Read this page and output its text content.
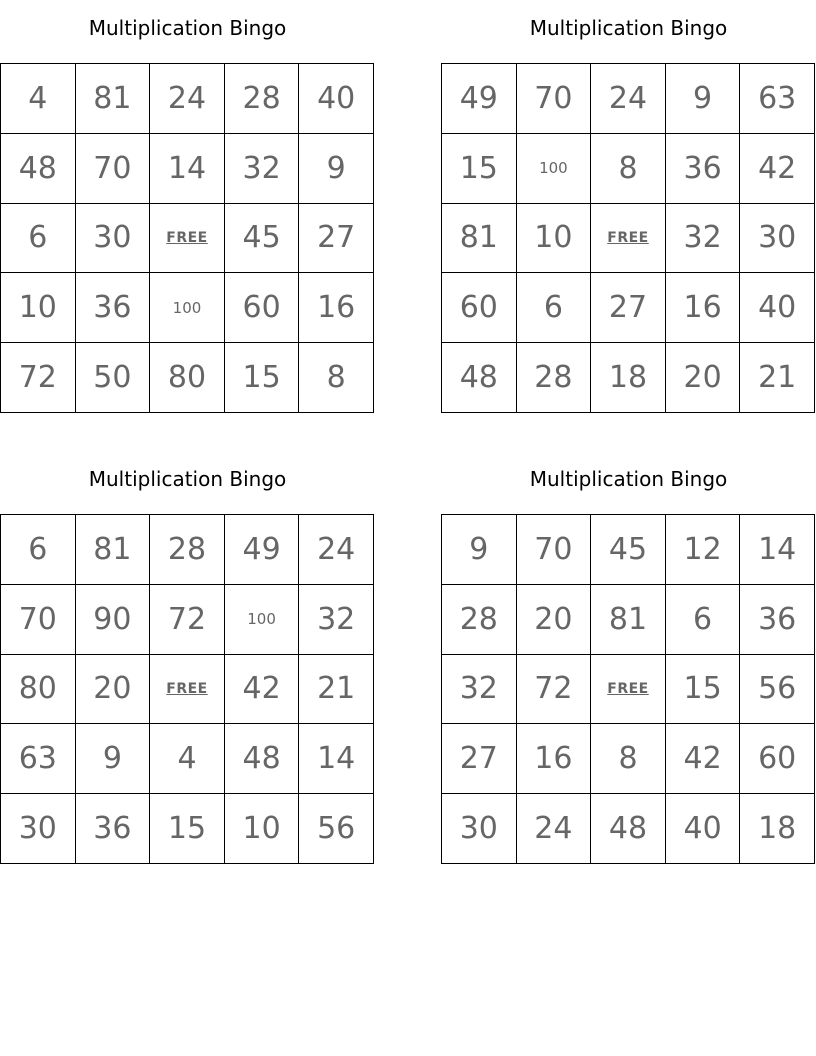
Multiplication Bingo
4	81	24	28	40
48	70	14	32	9
6	30	FREE	45	27
10	36	100	60	16
72	50	80	15	8
Multiplication Bingo
49	70	24	9	63
15	100	8	36	42
81	10	FREE	32	30
60	6	27	16	40
48	28	18	20	21
Multiplication Bingo
6	81	28	49	24
70	90	72	100	32
80	20	FREE	42	21
63	9	4	48	14
30	36	15	10	56
Multiplication Bingo
9	70	45	12	14
28	20	81	6	36
32	72	FREE	15	56
27	16	8	42	60
30	24	48	40	18
